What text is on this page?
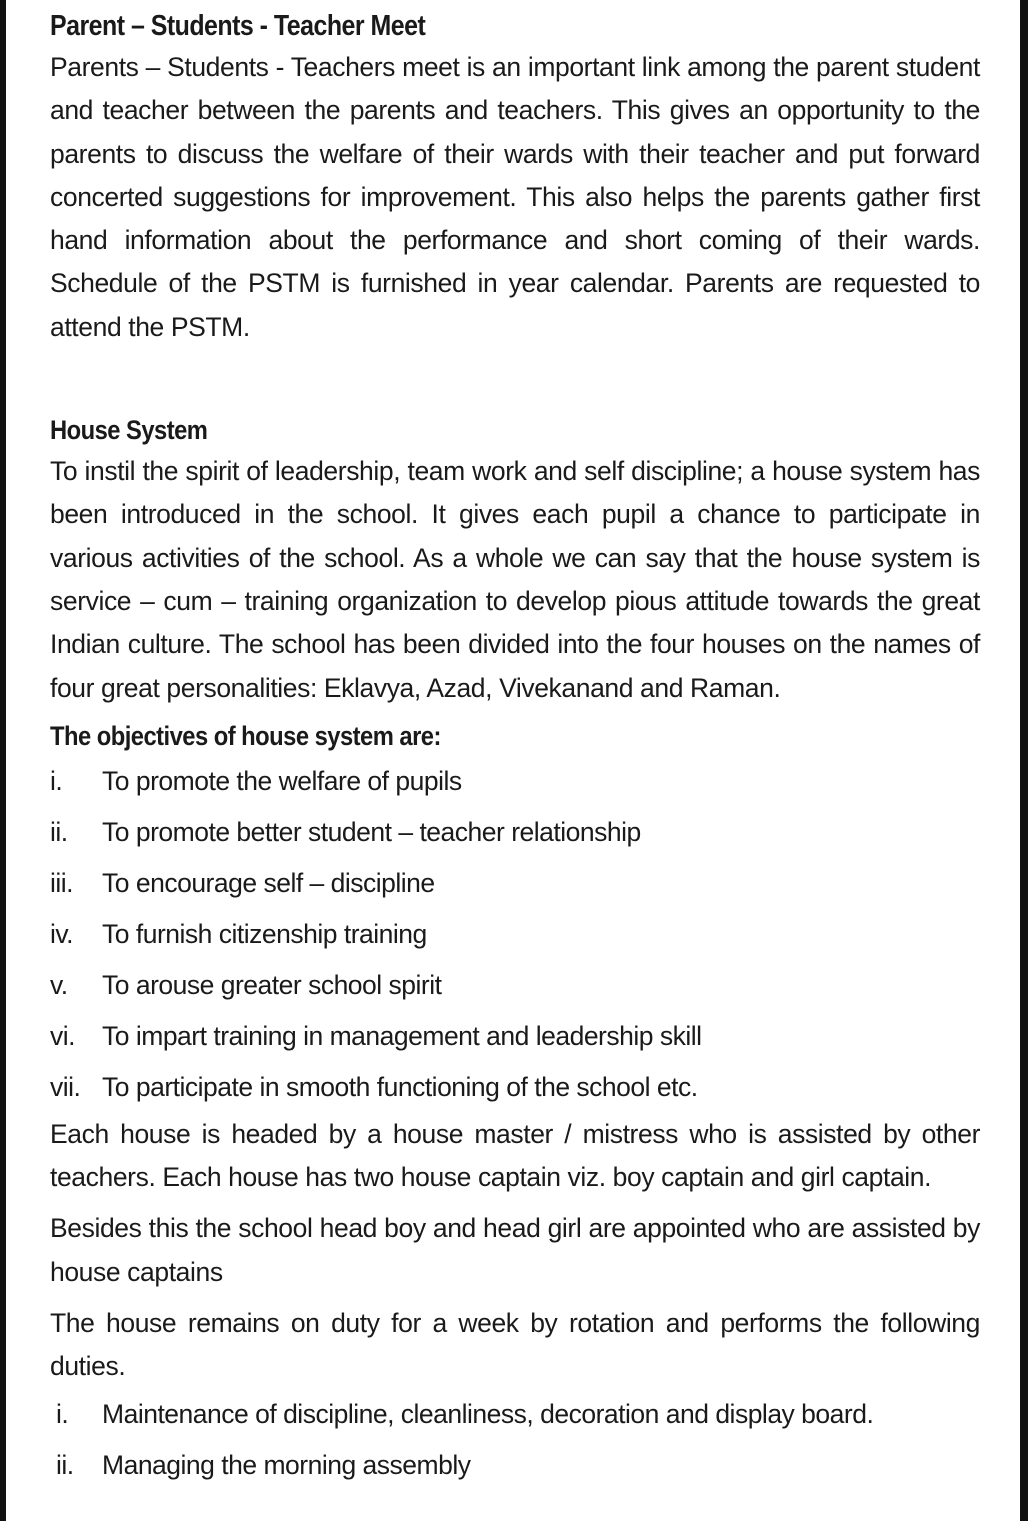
Parent – Students - Teacher Meet

Parents – Students - Teachers meet is an important link among the parent student and teacher between the parents and teachers. This gives an opportunity to the parents to discuss the welfare of their wards with their teacher and put forward concerted suggestions for improvement. This also helps the parents gather first hand information about the performance and short coming of their wards. Schedule of the PSTM is furnished in year calendar. Parents are requested to attend the PSTM.

House System

To instil the spirit of leadership, team work and self discipline; a house system has been introduced in the school. It gives each pupil a chance to participate in various activities of the school. As a whole we can say that the house system is service – cum – training organization to develop pious attitude towards the great Indian culture. The school has been divided into the four houses on the names of four great personalities: Eklavya, Azad, Vivekanand and Raman.

The objectives of house system are:
i.	To promote the welfare of pupils
ii.	To promote better student – teacher relationship
iii.	To encourage self – discipline
iv.	To furnish citizenship training
v.	To arouse greater school spirit
vi.	To impart training in management and leadership skill
vii. To participate in smooth functioning of the school etc.

Each house is headed by a house master / mistress who is assisted by other teachers. Each house has two house captain viz. boy captain and girl captain.

Besides this the school head boy and head girl are appointed who are assisted by house captains

The house remains on duty for a week by rotation and performs the following duties.

i.	Maintenance of discipline, cleanliness, decoration and display board.
ii.	Managing the morning assembly
